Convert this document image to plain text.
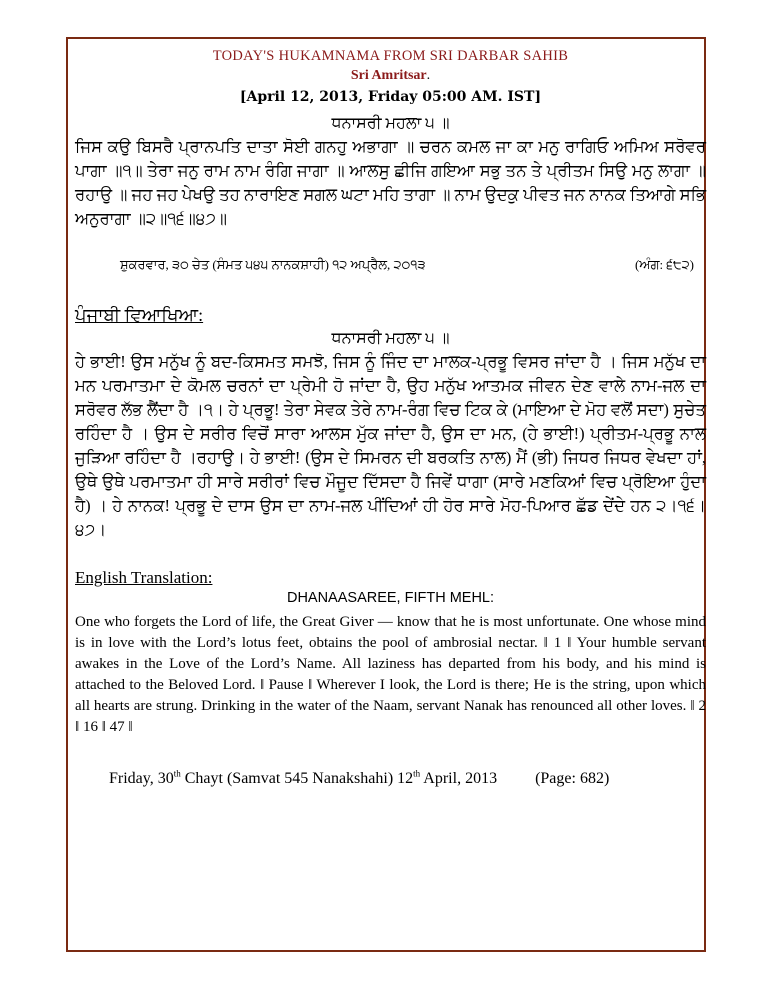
TODAY'S HUKAMNAMA FROM SRI DARBAR SAHIB
Sri Amritsar.
[April 12, 2013, Friday 05:00 AM. IST]
ਧਨਾਸਰੀ ਮਹਲਾ ੫ ॥
ਜਿਸ ਕਉ ਬਿਸਰੈ ਪ੍ਰਾਨਪਤਿ ਦਾਤਾ ਸੋਈ ਗਨਹੁ ਅਭਾਗਾ ॥ ਚਰਨ ਕਮਲ ਜਾ ਕਾ ਮਨੁ ਰਾਗਿਓ ਅਮਿਅ ਸਰੋਵਰ ਪਾਗਾ ॥੧॥ ਤੇਰਾ ਜਨੁ ਰਾਮ ਨਾਮ ਰੰਗਿ ਜਾਗਾ ॥ ਆਲਸੁ ਛੀਜਿ ਗਇਆ ਸਭੁ ਤਨ ਤੇ ਪ੍ਰੀਤਮ ਸਿਉ ਮਨੁ ਲਾਗਾ ॥ ਰਹਾਉ ॥ ਜਹ ਜਹ ਪੇਖਉ ਤਹ ਨਾਰਾਇਣ ਸਗਲ ਘਟਾ ਮਹਿ ਤਾਗਾ ॥ ਨਾਮ ਉਦਕੁ ਪੀਵਤ ਜਨ ਨਾਨਕ ਤਿਆਗੇ ਸਭਿ ਅਨੁਰਾਗਾ ॥੨॥੧੬॥੪੭॥
ਸ਼ੁਕਰਵਾਰ, ੩੦ ਚੇਤ (ਸੰਮਤ ੫੪੫ ਨਾਨਕਸ਼ਾਹੀ) ੧੨ ਅਪ੍ਰੈਲ, ੨੦੧੩	(ਅੰਗ: ੬੮੨)
ਪੰਜਾਬੀ ਵਿਆਖਿਆ:
ਧਨਾਸਰੀ ਮਹਲਾ ੫ ॥
ਹੇ ਭਾਈ! ਉਸ ਮਨੁੱਖ ਨੂੰ ਬਦ-ਕਿਸਮਤ ਸਮਝੋ, ਜਿਸ ਨੂੰ ਜਿੰਦ ਦਾ ਮਾਲਕ-ਪ੍ਰਭੂ ਵਿਸਰ ਜਾਂਦਾ ਹੈ । ਜਿਸ ਮਨੁੱਖ ਦਾ ਮਨ ਪਰਮਾਤਮਾ ਦੇ ਕੋਮਲ ਚਰਨਾਂ ਦਾ ਪ੍ਰੇਮੀ ਹੋ ਜਾਂਦਾ ਹੈ, ਉਹ ਮਨੁੱਖ ਆਤਮਕ ਜੀਵਨ ਦੇਣ ਵਾਲੇ ਨਾਮ-ਜਲ ਦਾ ਸਰੋਵਰ ਲੱਭ ਲੈਂਦਾ ਹੈ ।੧। ਹੇ ਪ੍ਰਭੂ! ਤੇਰਾ ਸੇਵਕ ਤੇਰੇ ਨਾਮ-ਰੰਗ ਵਿਚ ਟਿਕ ਕੇ (ਮਾਇਆ ਦੇ ਮੋਹ ਵਲੋਂ ਸਦਾ) ਸੁਚੇਤ ਰਹਿੰਦਾ ਹੈ । ਉਸ ਦੇ ਸਰੀਰ ਵਿਚੋਂ ਸਾਰਾ ਆਲਸ ਮੁੱਕ ਜਾਂਦਾ ਹੈ, ਉਸ ਦਾ ਮਨ, (ਹੇ ਭਾਈ!) ਪ੍ਰੀਤਮ-ਪ੍ਰਭੂ ਨਾਲ ਜੁੜਿਆ ਰਹਿੰਦਾ ਹੈ ।ਰਹਾਉ। ਹੇ ਭਾਈ! (ਉਸ ਦੇ ਸਿਮਰਨ ਦੀ ਬਰਕਤਿ ਨਾਲ) ਮੈਂ (ਭੀ) ਜਿਧਰ ਜਿਧਰ ਵੇਖਦਾ ਹਾਂ, ਉਥੇ ਉਥੇ ਪਰਮਾਤਮਾ ਹੀ ਸਾਰੇ ਸਰੀਰਾਂ ਵਿਚ ਮੌਜੂਦ ਦਿੱਸਦਾ ਹੈ ਜਿਵੇਂ ਧਾਗਾ (ਸਾਰੇ ਮਣਕਿਆਂ ਵਿਚ ਪ੍ਰੋਇਆ ਹੁੰਦਾ ਹੈ) । ਹੇ ਨਾਨਕ! ਪ੍ਰਭੂ ਦੇ ਦਾਸ ਉਸ ਦਾ ਨਾਮ-ਜਲ ਪੀਂਦਿਆਂ ਹੀ ਹੋਰ ਸਾਰੇ ਮੋਹ-ਪਿਆਰ ਛੱਡ ਦੇਂਦੇ ਹਨ ੨।੧੬।੪੭।
English Translation:
DHANAASAREE, FIFTH MEHL:
One who forgets the Lord of life, the Great Giver — know that he is most unfortunate. One whose mind is in love with the Lord’s lotus feet, obtains the pool of ambrosial nectar. ‖ 1 ‖ Your humble servant awakes in the Love of the Lord’s Name. All laziness has departed from his body, and his mind is attached to the Beloved Lord. ‖ Pause ‖ Wherever I look, the Lord is there; He is the string, upon which all hearts are strung. Drinking in the water of the Naam, servant Nanak has renounced all other loves. ‖ 2 ‖ 16 ‖ 47 ‖
Friday, 30th Chayt (Samvat 545 Nanakshahi) 12th April, 2013 (Page: 682)
